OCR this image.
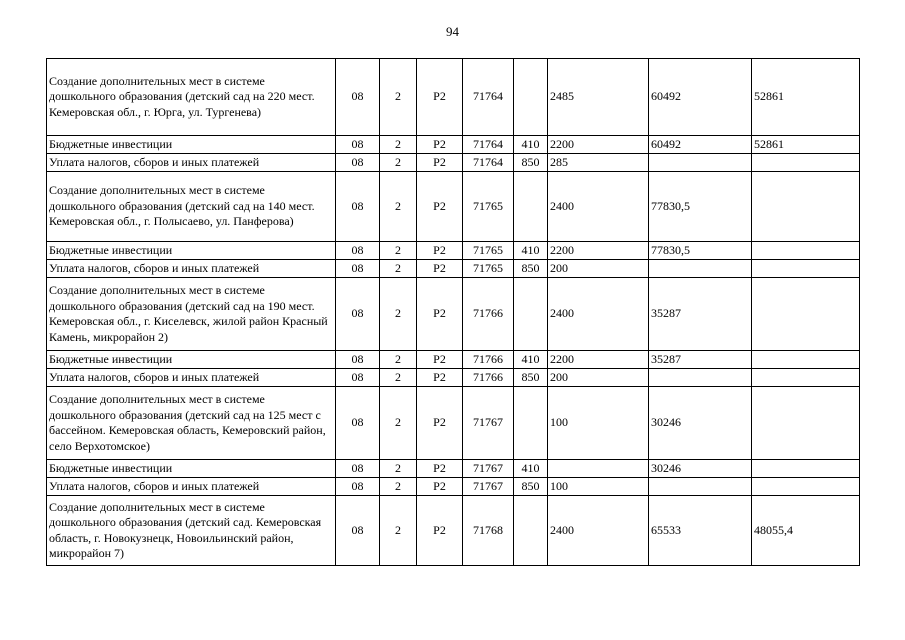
94
Создание дополнительных мест в системе дошкольного образования (детский сад на 220 мест. Кемеровская обл., г. Юрга, ул. Тургенева)	08	2	P2	71764		2485	60492	52861
Бюджетные инвестиции	08	2	P2	71764	410	2200	60492	52861
Уплата налогов, сборов и иных платежей	08	2	P2	71764	850	285		
Создание дополнительных мест в системе дошкольного образования (детский сад на 140 мест. Кемеровская обл., г. Полысаево, ул. Панферова)	08	2	P2	71765		2400	77830,5	
Бюджетные инвестиции	08	2	P2	71765	410	2200	77830,5	
Уплата налогов, сборов и иных платежей	08	2	P2	71765	850	200		
Создание дополнительных мест в системе дошкольного образования (детский сад на 190 мест. Кемеровская обл., г. Киселевск, жилой район Красный Камень, микрорайон 2)	08	2	P2	71766		2400	35287	
Бюджетные инвестиции	08	2	P2	71766	410	2200	35287	
Уплата налогов, сборов и иных платежей	08	2	P2	71766	850	200		
Создание дополнительных мест в системе дошкольного образования (детский сад на 125 мест с бассейном. Кемеровская область, Кемеровский район, село Верхотомское)	08	2	P2	71767		100	30246	
Бюджетные инвестиции	08	2	P2	71767	410		30246	
Уплата налогов, сборов и иных платежей	08	2	P2	71767	850	100		
Создание дополнительных мест в системе дошкольного образования (детский сад. Кемеровская область, г. Новокузнецк, Новоильинский район, микрорайон 7)	08	2	P2	71768		2400	65533	48055,4
